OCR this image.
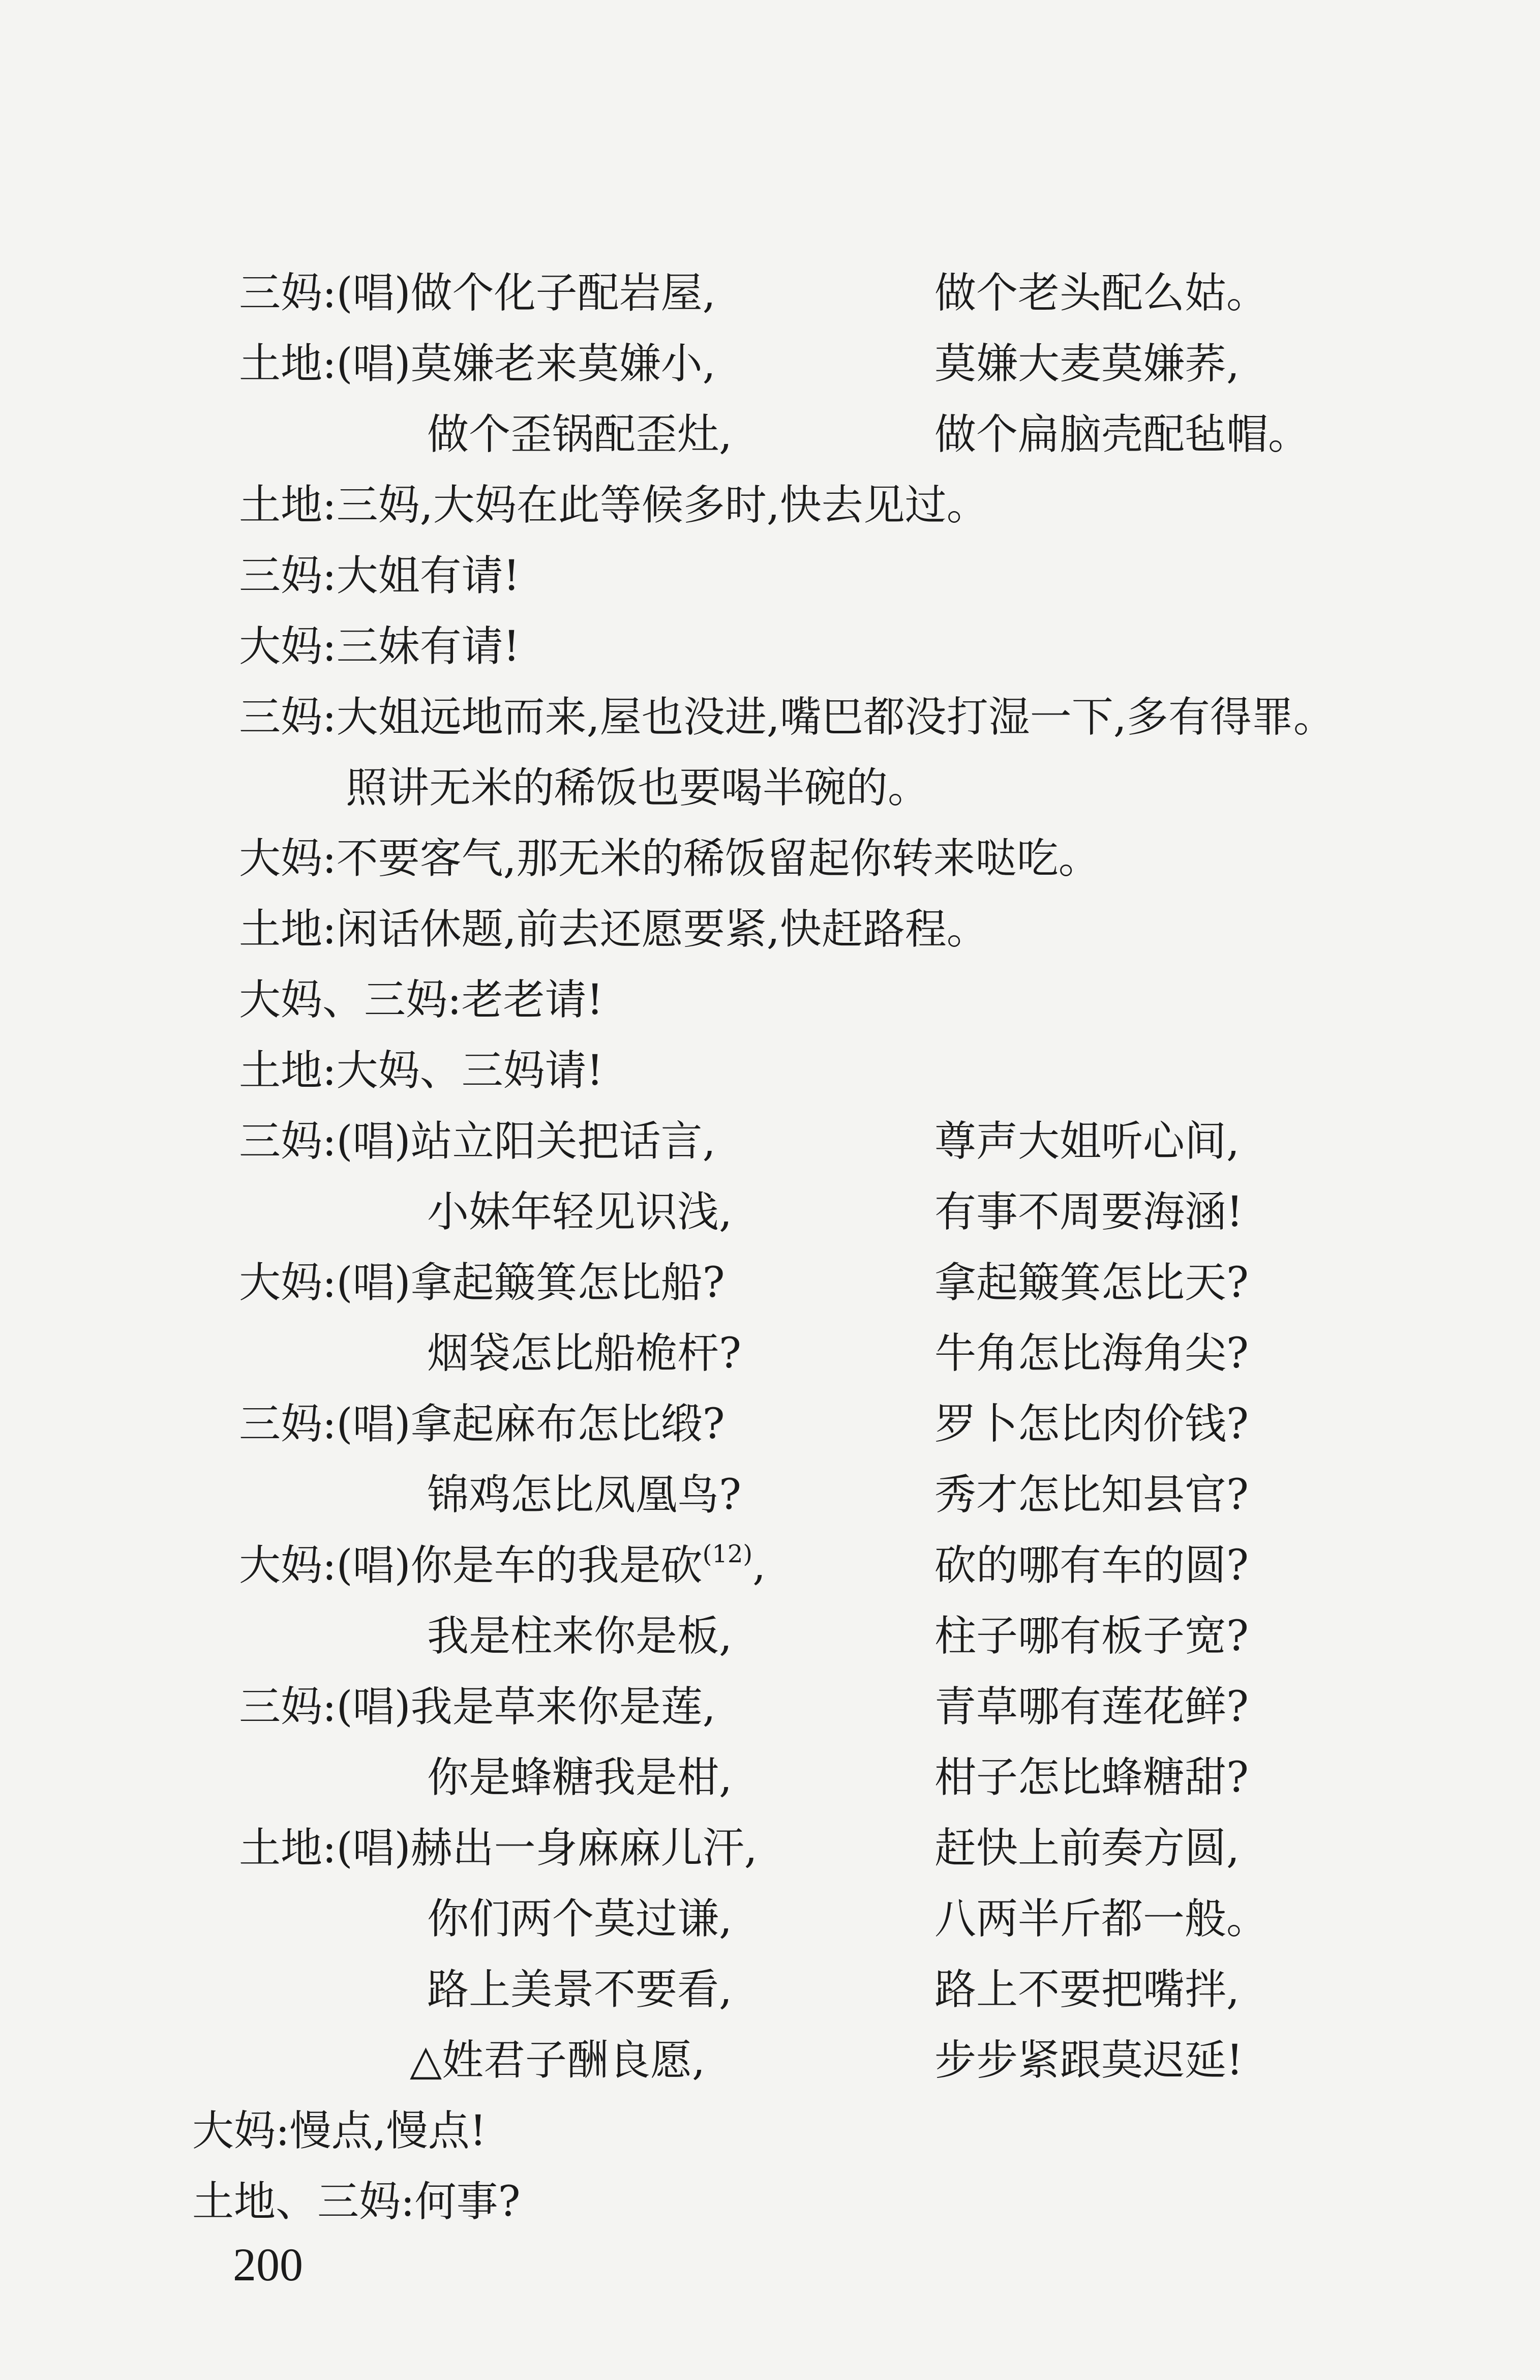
三妈:(唱)做个化子配岩屋,	做个老头配么姑。
土地:(唱)莫嫌老来莫嫌小,	莫嫌大麦莫嫌荞,
做个歪锅配歪灶,	做个扁脑壳配毡帽。
土地:三妈,大妈在此等候多时,快去见过。
三妈:大姐有请!
大妈:三妹有请!
三妈:大姐远地而来,屋也没进,嘴巴都没打湿一下,多有得罪。
照讲无米的稀饭也要喝半碗的。
大妈:不要客气,那无米的稀饭留起你转来哒吃。
土地:闲话休题,前去还愿要紧,快赶路程。
大妈、三妈:老老请!
土地:大妈、三妈请!
三妈:(唱)站立阳关把话言,	尊声大姐听心间,
小妹年轻见识浅,	有事不周要海涵!
大妈:(唱)拿起簸箕怎比船?	拿起簸箕怎比天?
烟袋怎比船桅杆?	牛角怎比海角尖?
三妈:(唱)拿起麻布怎比缎?	罗卜怎比肉价钱?
锦鸡怎比凤凰鸟?	秀才怎比知县官?
大妈:(唱)你是车的我是砍$^{(12)}$,	砍的哪有车的圆?
我是柱来你是板,	柱子哪有板子宽?
三妈:(唱)我是草来你是莲,	青草哪有莲花鲜?
你是蜂糖我是柑,	柑子怎比蜂糖甜?
土地:(唱)赫出一身麻麻儿汗,	赶快上前奏方圆,
你们两个莫过谦,	八两半斤都一般。
路上美景不要看,	路上不要把嘴拌,
△姓君子酬良愿,	步步紧跟莫迟延!
大妈:慢点,慢点!
土地、三妈:何事?
200
